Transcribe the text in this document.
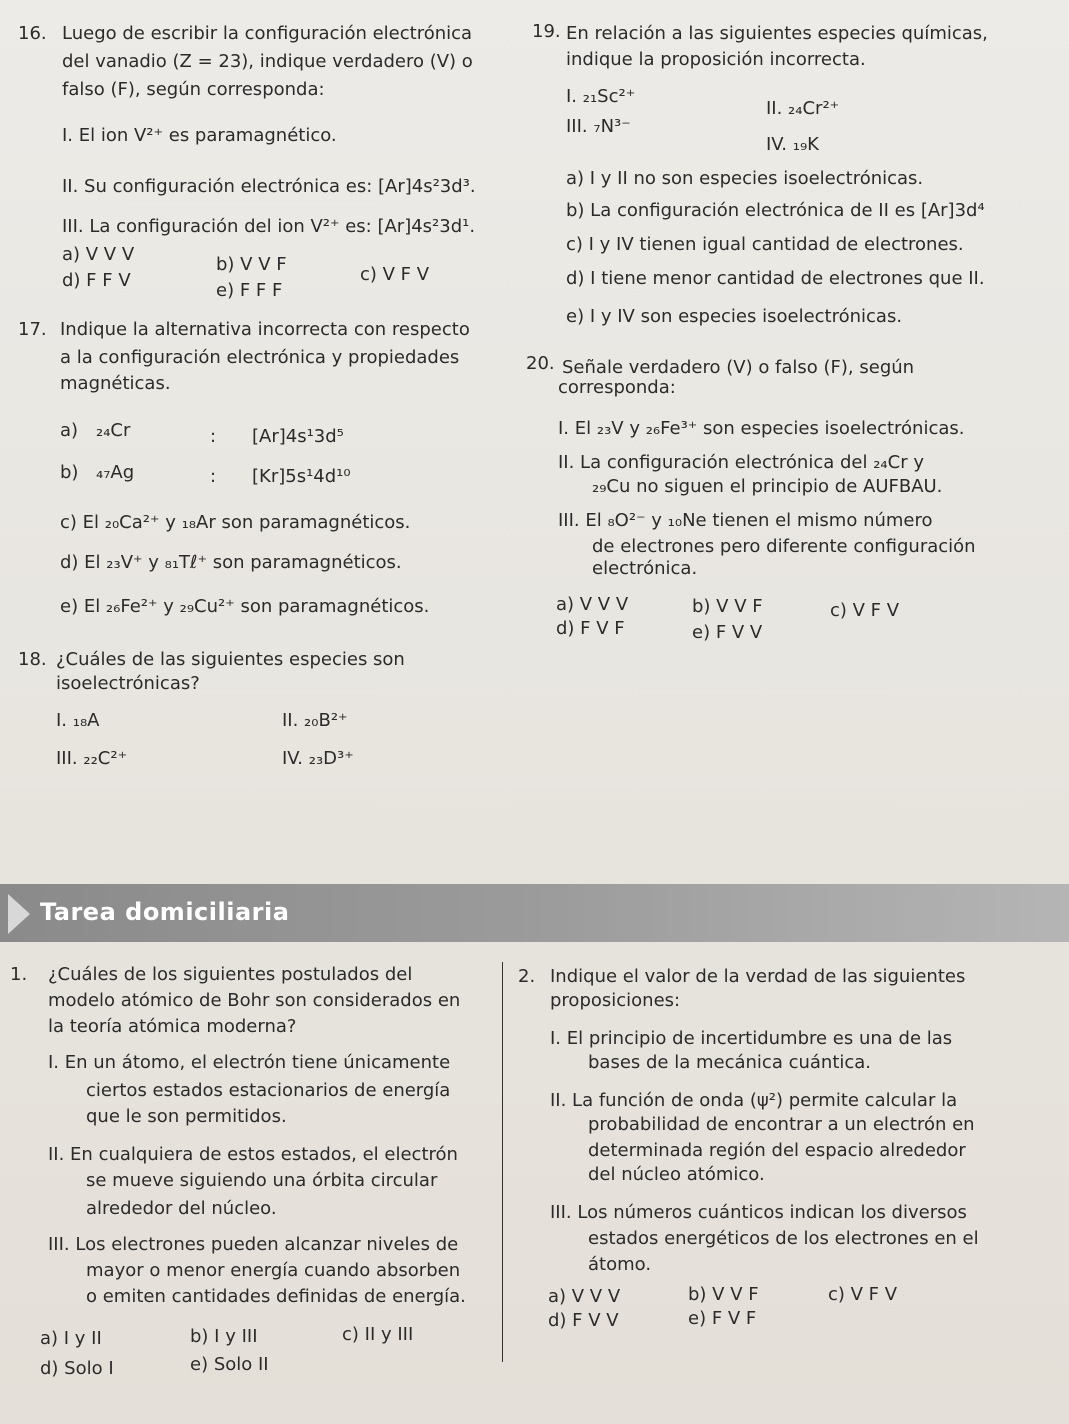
16. Luego de escribir la configuración electrónica
del vanadio (Z = 23), indique verdadero (V) o
falso (F), según corresponda:
I. El ion V²⁺ es paramagnético.
II. Su configuración electrónica es: [Ar]4s²3d³.
III. La configuración del ion V²⁺ es: [Ar]4s²3d¹.
a) V V V	b) V V F	c) V F V
d) F F V	e) F F F
17. Indique la alternativa incorrecta con respecto
a la configuración electrónica y propiedades
magnéticas.
a) ₂₄Cr	: [Ar]4s¹3d⁵
b) ₄₇Ag	: [Kr]5s¹4d¹⁰
c) El ₂₀Ca²⁺ y ₁₈Ar son paramagnéticos.
d) El ₂₃V⁺ y ₈₁Tℓ⁺ son paramagnéticos.
e) El ₂₆Fe²⁺ y ₂₉Cu²⁺ son paramagnéticos.
18. ¿Cuáles de las siguientes especies son
isoelectrónicas?
I. ₁₈A	II. ₂₀B²⁺
III. ₂₂C²⁺	IV. ₂₃D³⁺
19. En relación a las siguientes especies químicas,
indique la proposición incorrecta.
I. ₂₁Sc²⁺
II. ₂₄Cr²⁺
III. ₇N³⁻
IV. ₁₉K
a) I y II no son especies isoelectrónicas.
b) La configuración electrónica de II es [Ar]3d⁴
c) I y IV tienen igual cantidad de electrones.
d) I tiene menor cantidad de electrones que II.
e) I y IV son especies isoelectrónicas.
20. Señale verdadero (V) o falso (F), según
corresponda:
I. El ₂₃V y ₂₆Fe³⁺ son especies isoelectrónicas.
II. La configuración electrónica del ₂₄Cr y
₂₉Cu no siguen el principio de AUFBAU.
III. El ₈O²⁻ y ₁₀Ne tienen el mismo número
de electrones pero diferente configuración
electrónica.
a) V V V	b) V V F	c) V F V
d) F V F	e) F V V
Tarea domiciliaria
1. ¿Cuáles de los siguientes postulados del
modelo atómico de Bohr son considerados en
la teoría atómica moderna?
I. En un átomo, el electrón tiene únicamente
ciertos estados estacionarios de energía
que le son permitidos.
II. En cualquiera de estos estados, el electrón
se mueve siguiendo una órbita circular
alrededor del núcleo.
III. Los electrones pueden alcanzar niveles de
mayor o menor energía cuando absorben
o emiten cantidades definidas de energía.
a) I y II	b) I y III	c) II y III
d) Solo I	e) Solo II
2. Indique el valor de la verdad de las siguientes
proposiciones:
I. El principio de incertidumbre es una de las
bases de la mecánica cuántica.
II. La función de onda (ψ²) permite calcular la
probabilidad de encontrar a un electrón en
determinada región del espacio alrededor
del núcleo atómico.
III. Los números cuánticos indican los diversos
estados energéticos de los electrones en el
átomo.
a) V V V	b) V V F	c) V F V
d) F V V	e) F V F
